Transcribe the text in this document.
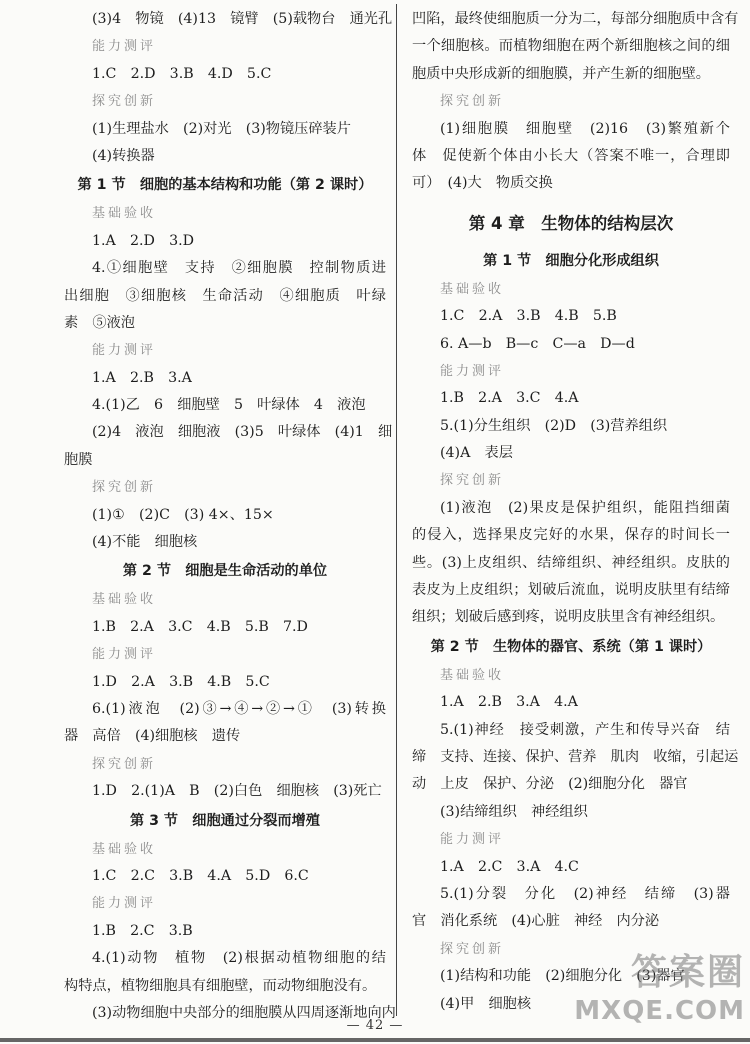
(3)4　物镜　(4)13　镜臂　(5)载物台　通光孔
能力测评
1.C　2.D　3.B　4.D　5.C
探究创新
(1)生理盐水　(2)对光　(3)物镜压碎装片
(4)转换器
第 1 节　细胞的基本结构和功能（第 2 课时）
基础验收
1.A　2.D　3.D
4.①细胞壁　支持　②细胞膜　控制物质进
出细胞　③细胞核　生命活动　④细胞质　叶绿
素　⑤液泡
能力测评
1.A　2.B　3.A
4.(1)乙　6　细胞壁　5　叶绿体　4　液泡
(2)4　液泡　细胞液　(3)5　叶绿体　(4)1　细
胞膜
探究创新
(1)①　(2)C　(3) 4×、15×
(4)不能　细胞核
第 2 节　细胞是生命活动的单位
基础验收
1.B　2.A　3.C　4.B　5.B　7.D
能力测评
1.D　2.A　3.B　4.B　5.C
6.(1)液泡　(2)③→④→②→①　(3)转换
器　高倍　(4)细胞核　遗传
探究创新
1.D　2.(1)A　B　(2)白色　细胞核　(3)死亡
第 3 节　细胞通过分裂而增殖
基础验收
1.C　2.C　3.B　4.A　5.D　6.C
能力测评
1.B　2.C　3.B
4.(1)动物　植物　(2)根据动植物细胞的结
构特点，植物细胞具有细胞壁，而动物细胞没有。
(3)动物细胞中央部分的细胞膜从四周逐渐地向内
凹陷，最终使细胞质一分为二，每部分细胞质中含有
一个细胞核。而植物细胞在两个新细胞核之间的细
胞质中央形成新的细胞膜，并产生新的细胞壁。
探究创新
(1)细胞膜　细胞壁　(2)16　(3)繁殖新个
体　促使新个体由小长大（答案不唯一，合理即
可）　(4)大　物质交换
第 4 章　生物体的结构层次
第 1 节　细胞分化形成组织
基础验收
1.C　2.A　3.B　4.B　5.B
6. A—b　B—c　C—a　D—d
能力测评
1.B　2.A　3.C　4.A
5.(1)分生组织　(2)D　(3)营养组织
(4)A　表层
探究创新
(1)液泡　(2)果皮是保护组织，能阻挡细菌
的侵入，选择果皮完好的水果，保存的时间长一
些。(3)上皮组织、结缔组织、神经组织。皮肤的
表皮为上皮组织；划破后流血，说明皮肤里有结缔
组织；划破后感到疼，说明皮肤里含有神经组织。
第 2 节　生物体的器官、系统（第 1 课时）
基础验收
1.A　2.B　3.A　4.A
5.(1)神经　接受刺激，产生和传导兴奋　结
缔　支持、连接、保护、营养　肌肉　收缩，引起运
动　上皮　保护、分泌　(2)细胞分化　器官
(3)结缔组织　神经组织
能力测评
1.A　2.C　3.A　4.C
5.(1)分裂　分化　(2)神经　结缔　(3)器
官　消化系统　(4)心脏　神经　内分泌
探究创新
(1)结构和功能　(2)细胞分化　(3)器官
(4)甲　细胞核
— 42 —
答案圈
MXQE.COM
